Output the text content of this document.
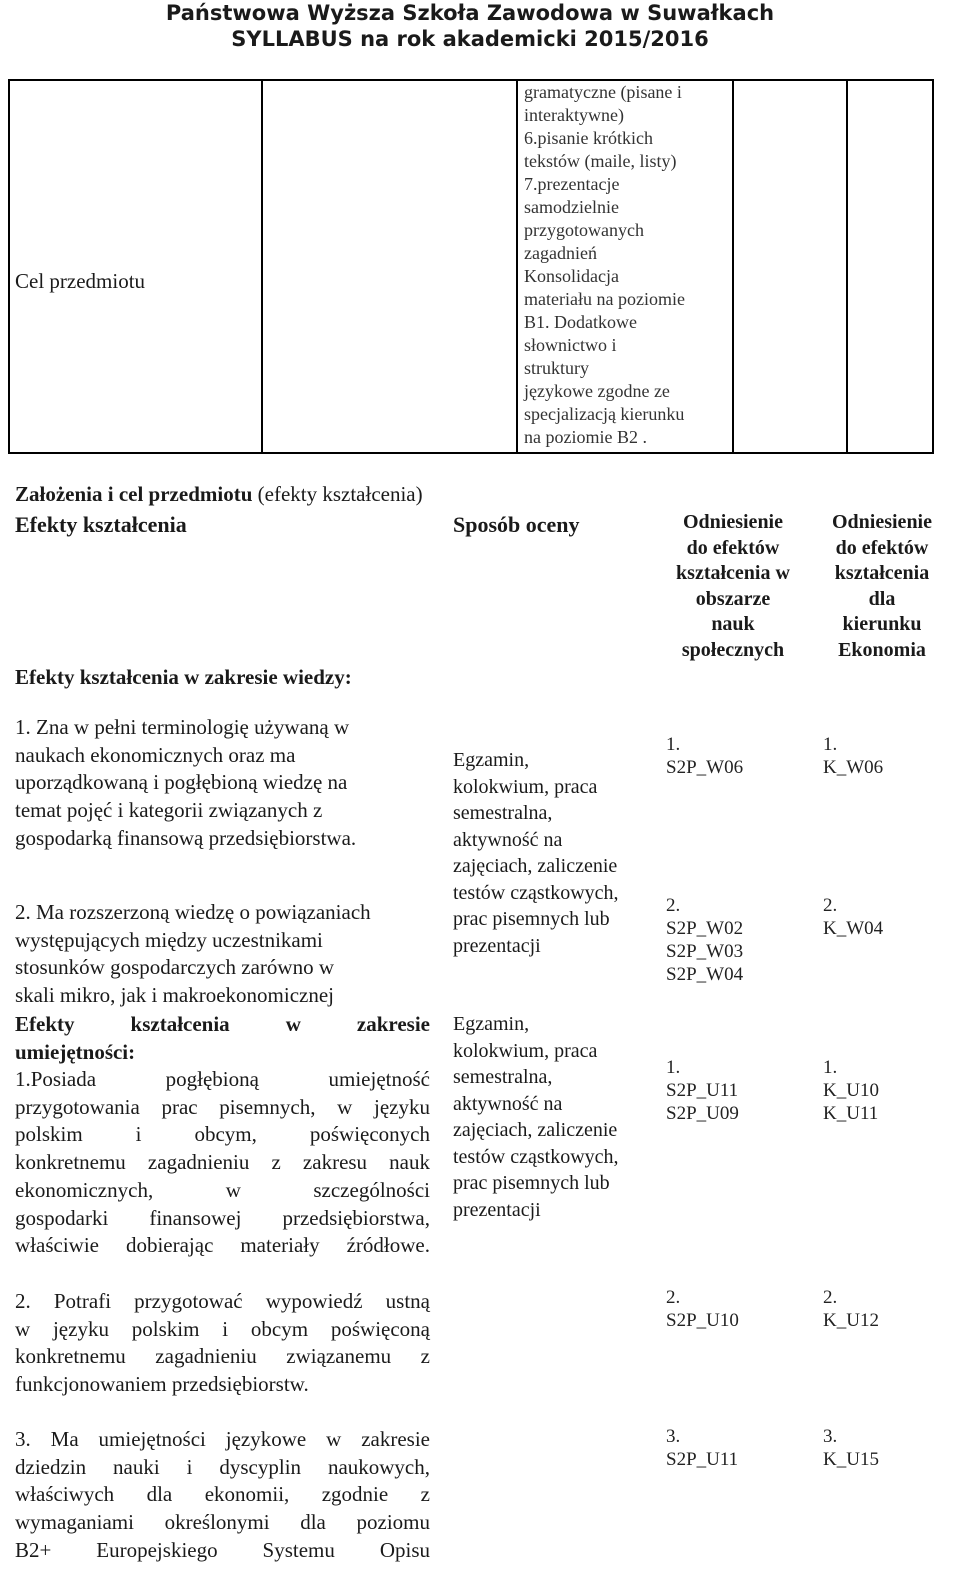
Państwowa Wyższa Szkoła Zawodowa w Suwałkach
SYLLABUS na rok akademicki 2015/2016
Cel przedmiotu
gramatyczne (pisane i
interaktywne)
6.pisanie krótkich
tekstów (maile, listy)
7.prezentacje
samodzielnie
przygotowanych
zagadnień
Konsolidacja
materiału na poziomie
B1. Dodatkowe
słownictwo i
struktury
językowe zgodne ze
specjalizacją kierunku
na poziomie B2 .
Założenia i cel przedmiotu (efekty kształcenia)
Efekty kształcenia	Sposób oceny	Odniesienie
do efektów
kształcenia w
obszarze
nauk
społecznych
Odniesienie
do efektów
kształcenia
dla
kierunku
Ekonomia
Efekty kształcenia w zakresie wiedzy:
1. Zna w pełni terminologię używaną w
naukach ekonomicznych oraz ma
uporządkowaną i pogłębioną wiedzę na
temat pojęć i kategorii związanych z
gospodarką finansową przedsiębiorstwa.
2. Ma rozszerzoną wiedzę o powiązaniach
występujących między uczestnikami
stosunków gospodarczych zarówno w
skali mikro, jak i makroekonomicznej
Egzamin,
kolokwium, praca
semestralna,
aktywność na
zajęciach, zaliczenie
testów cząstkowych,
prac pisemnych lub
prezentacji
1.
S2P_W06
2.
S2P_W02
S2P_W03
S2P_W04
1.
K_W06
2.
K_W04
Efekty kształcenia w zakresie
umiejętności:
1.Posiada pogłębioną umiejętność
przygotowania prac pisemnych, w języku
polskim i obcym, poświęconych
konkretnemu zagadnieniu z zakresu nauk
ekonomicznych, w szczególności
gospodarki finansowej przedsiębiorstwa,
właściwie dobierając materiały źródłowe.
Egzamin,
kolokwium, praca
semestralna,
aktywność na
zajęciach, zaliczenie
testów cząstkowych,
prac pisemnych lub
prezentacji
1.
S2P_U11
S2P_U09
1.
K_U10
K_U11
2. Potrafi przygotować wypowiedź ustną
w języku polskim i obcym poświęconą
konkretnemu zagadnieniu związanemu z
funkcjonowaniem przedsiębiorstw.
2.
S2P_U10
2.
K_U12
3. Ma umiejętności językowe w zakresie
dziedzin nauki i dyscyplin naukowych,
właściwych dla ekonomii, zgodnie z
wymaganiami określonymi dla poziomu
B2+ Europejskiego Systemu Opisu
3.
S2P_U11
3.
K_U15
